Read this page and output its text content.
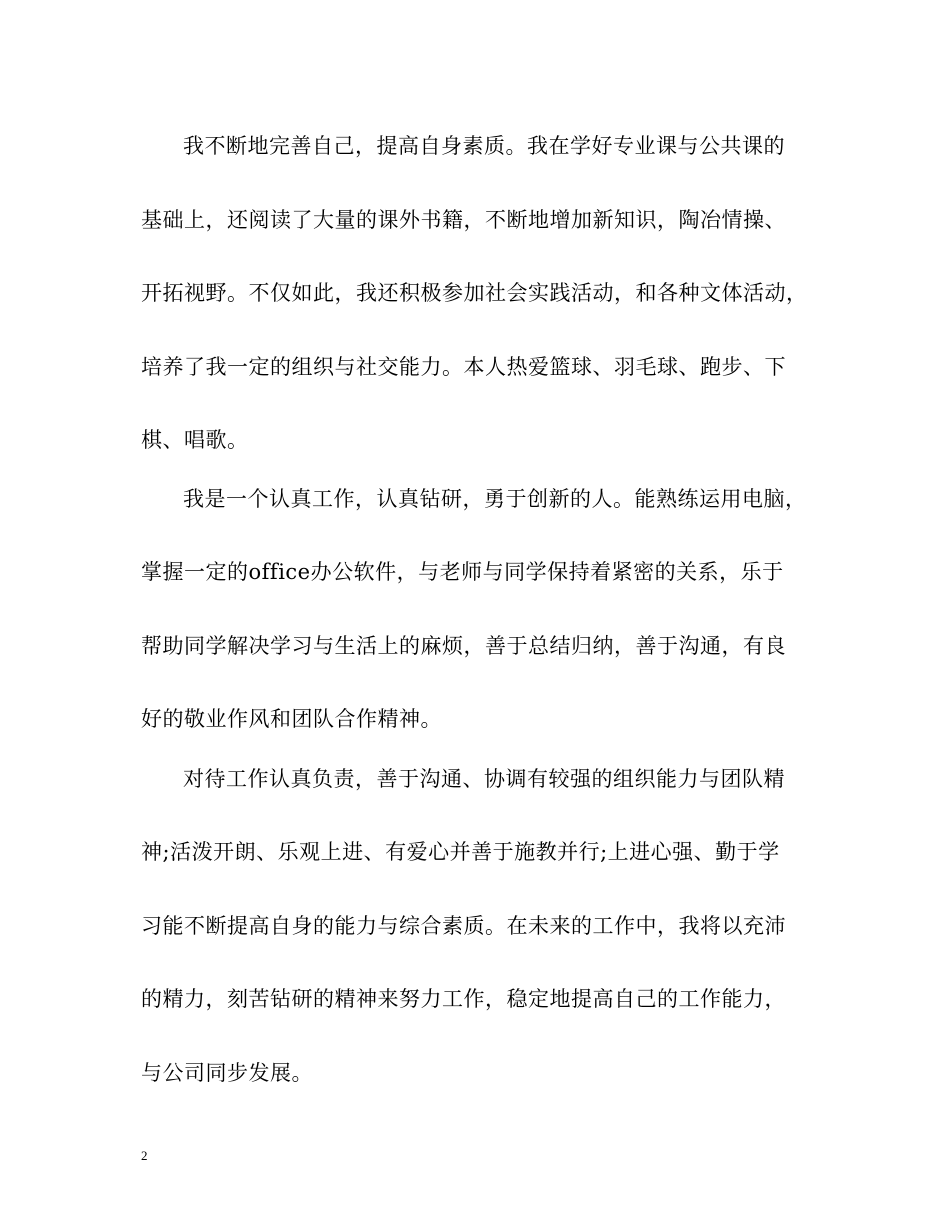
我不断地完善自己，提高自身素质。我在学好专业课与公共课的
基础上，还阅读了大量的课外书籍，不断地增加新知识，陶冶情操、
开拓视野。不仅如此，我还积极参加社会实践活动，和各种文体活动，
培养了我一定的组织与社交能力。本人热爱篮球、羽毛球、跑步、下
棋、唱歌。
我是一个认真工作，认真钻研，勇于创新的人。能熟练运用电脑，
掌握一定的office办公软件，与老师与同学保持着紧密的关系，乐于
帮助同学解决学习与生活上的麻烦，善于总结归纳，善于沟通，有良
好的敬业作风和团队合作精神。
对待工作认真负责，善于沟通、协调有较强的组织能力与团队精
神;活泼开朗、乐观上进、有爱心并善于施教并行;上进心强、勤于学
习能不断提高自身的能力与综合素质。在未来的工作中，我将以充沛
的精力，刻苦钻研的精神来努力工作，稳定地提高自己的工作能力，
与公司同步发展。
2
